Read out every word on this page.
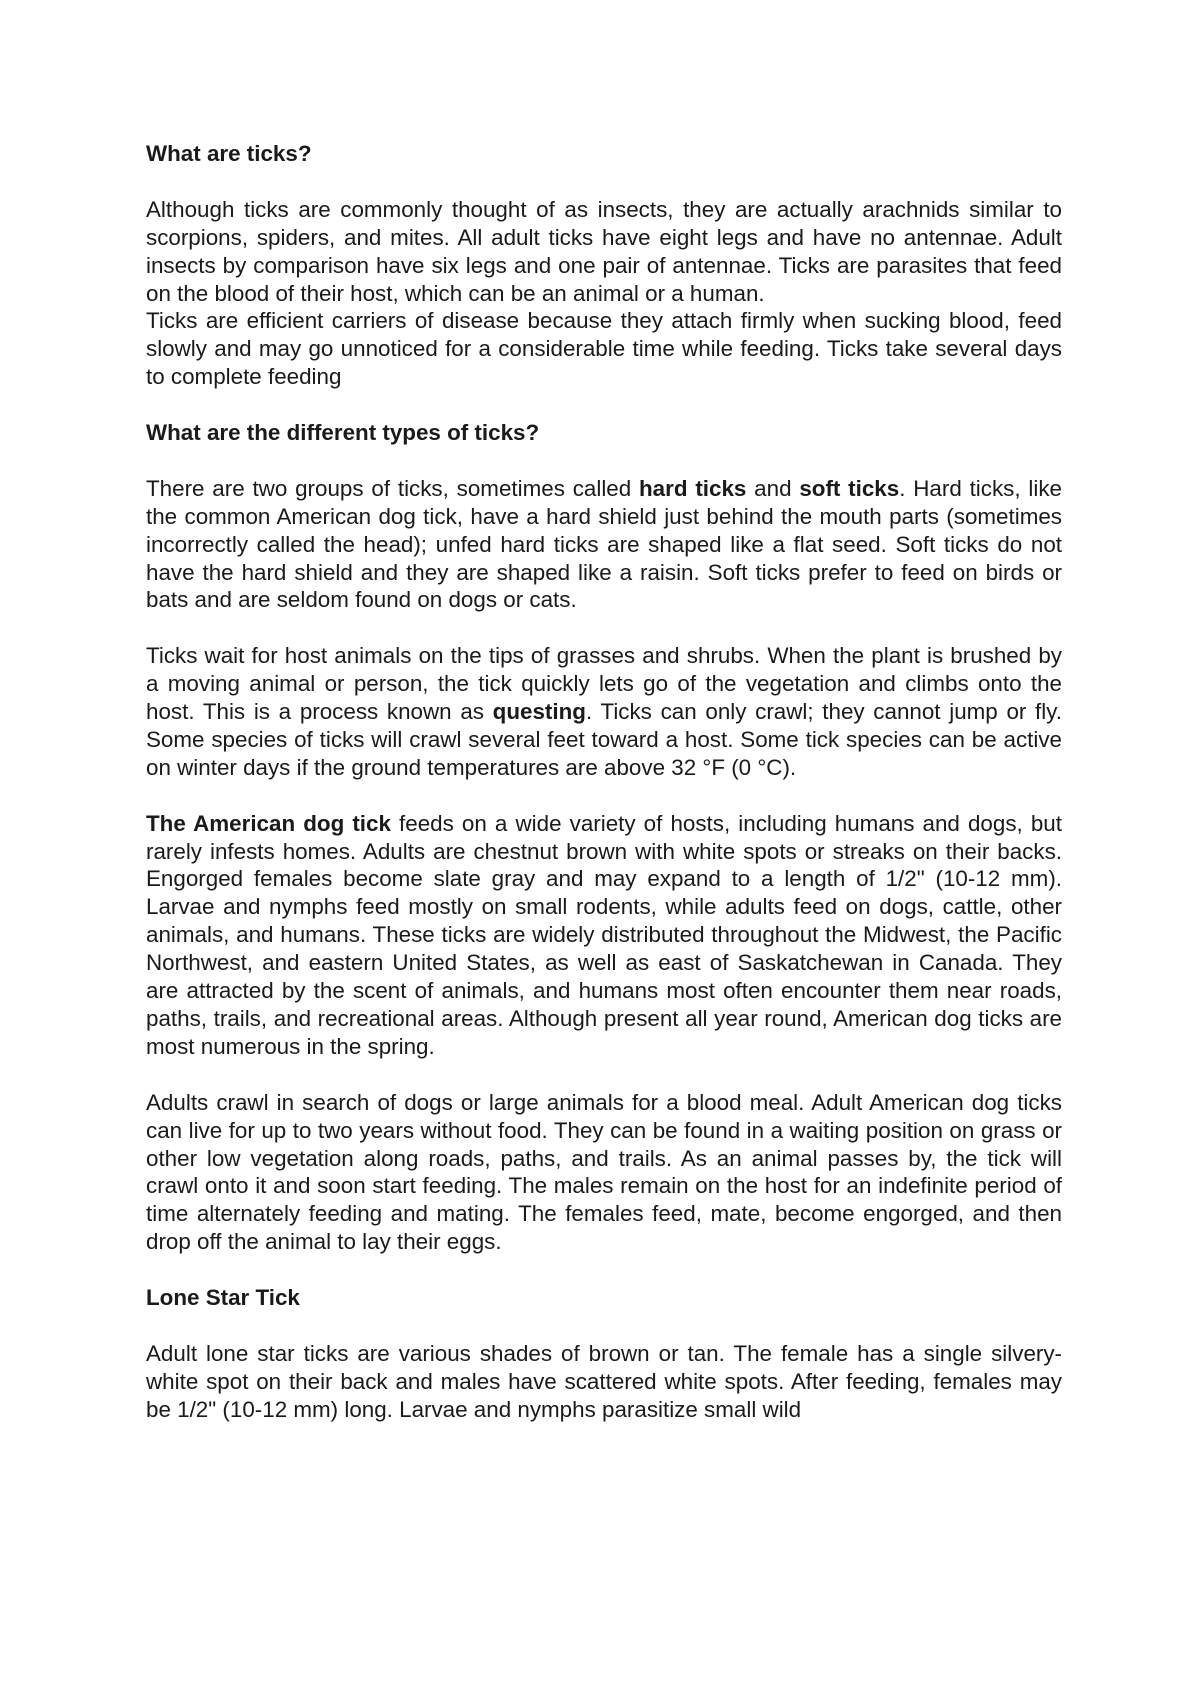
What are ticks?

Although ticks are commonly thought of as insects, they are actually arachnids similar to scorpions, spiders, and mites. All adult ticks have eight legs and have no antennae. Adult insects by comparison have six legs and one pair of antennae. Ticks are parasites that feed on the blood of their host, which can be an animal or a human.

Ticks are efficient carriers of disease because they attach firmly when sucking blood, feed slowly and may go unnoticed for a considerable time while feeding. Ticks take several days to complete feeding

What are the different types of ticks?

There are two groups of ticks, sometimes called hard ticks and soft ticks. Hard ticks, like the common American dog tick, have a hard shield just behind the mouth parts (sometimes incorrectly called the head); unfed hard ticks are shaped like a flat seed. Soft ticks do not have the hard shield and they are shaped like a raisin. Soft ticks prefer to feed on birds or bats and are seldom found on dogs or cats.

Ticks wait for host animals on the tips of grasses and shrubs. When the plant is brushed by a moving animal or person, the tick quickly lets go of the vegetation and climbs onto the host. This is a process known as questing. Ticks can only crawl; they cannot jump or fly. Some species of ticks will crawl several feet toward a host. Some tick species can be active on winter days if the ground temperatures are above 32 °F (0 °C).

The American dog tick feeds on a wide variety of hosts, including humans and dogs, but rarely infests homes. Adults are chestnut brown with white spots or streaks on their backs. Engorged females become slate gray and may expand to a length of 1/2" (10-12 mm). Larvae and nymphs feed mostly on small rodents, while adults feed on dogs, cattle, other animals, and humans. These ticks are widely distributed throughout the Midwest, the Pacific Northwest, and eastern United States, as well as east of Saskatchewan in Canada. They are attracted by the scent of animals, and humans most often encounter them near roads, paths, trails, and recreational areas. Although present all year round, American dog ticks are most numerous in the spring.

Adults crawl in search of dogs or large animals for a blood meal. Adult American dog ticks can live for up to two years without food. They can be found in a waiting position on grass or other low vegetation along roads, paths, and trails. As an animal passes by, the tick will crawl onto it and soon start feeding. The males remain on the host for an indefinite period of time alternately feeding and mating. The females feed, mate, become engorged, and then drop off the animal to lay their eggs.

Lone Star Tick

Adult lone star ticks are various shades of brown or tan. The female has a single silvery-white spot on their back and males have scattered white spots. After feeding, females may be 1/2" (10-12 mm) long. Larvae and nymphs parasitize small wild
